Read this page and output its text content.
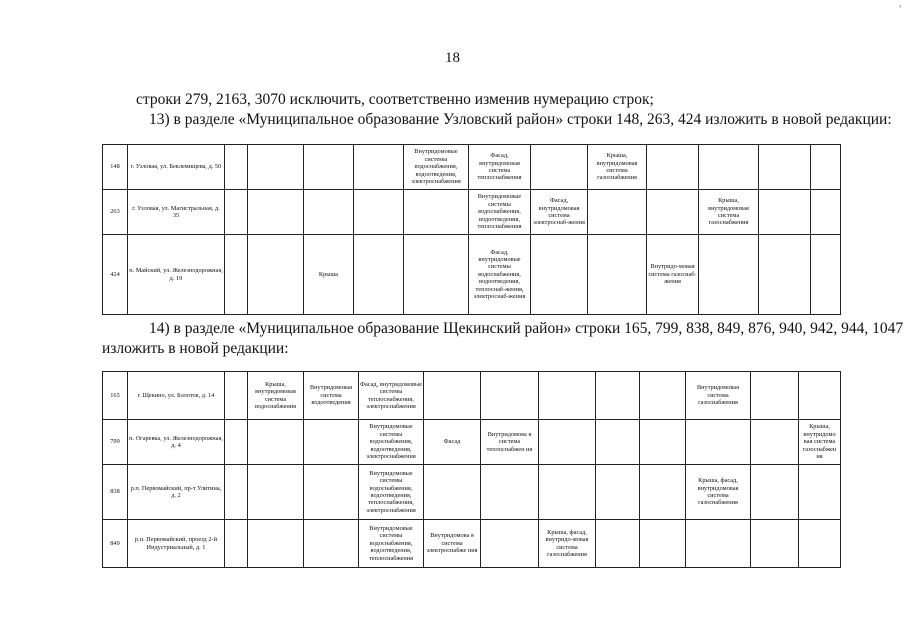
18
'
строки 279, 2163, 3070 исключить, соответственно изменив нумерацию строк;
13) в разделе «Муниципальное образование Узловский район» строки 148, 263, 424 изложить в новой редакции:
148	г. Узловая, ул. Беклемищева, д. 50					Внутридомовые системы водоснабжения, водоотведения, электроснабжения	Фасад, внутридомовая система теплоснабжения		Крыша, внутридомовая система газоснабжения				
263	г. Узловая, ул. Магистральная, д. 35						Внутридомовые системы водоснабжения, водоотведения, теплоснабжения	Фасад, внутридомовая система электроснаб-жения			Крыша, внутридомовая система газоснабжения		
424	п. Майский, ул. Железнодорожная, д. 19			Крыша			Фасад, внутридомовые системы водоснабжения, водоотведения, теплоснаб-жения, электроснаб-жения			Внутридо-мовая система газоснаб-жения			
14) в разделе «Муниципальное образование Щекинский район» строки 165, 799, 838, 849, 876, 940, 942, 944, 1047
изложить в новой редакции:
165	г. Щекино, ул. Болотов, д. 14		Крыша, внутридомовая система водоснабжения	Внутридомовая система водоотведения	Фасад, внутридомовые системы теплоснабжения, электроснабжения						Внутридомовая система газоснабжения		
799	п. Огаревка, ул. Железнодорожная, д. 4				Внутридомовые системы водоснабжения, водоотведения, электроснабжения	Фасад	Внутридомова я система теплоснабжен ия						Крыша, внутридомо вая система газоснабжен ия
838	р.п. Первомайский, пр-т Улитина, д. 2				Внутридомовые системы водоснабжения, водоотведения, теплоснабжения, электроснабжения						Крыша, фасад, внутридомовая система газоснабжения		
849	р.п. Первомайский, проезд 2-й Индустриальный, д. 1				Внутридомовые системы водоснабжения, водоотведения, теплоснабжения	Внутридомова я система электроснабже ния		Крыша, фасад, внутридо-мовая система газоснабжения					
